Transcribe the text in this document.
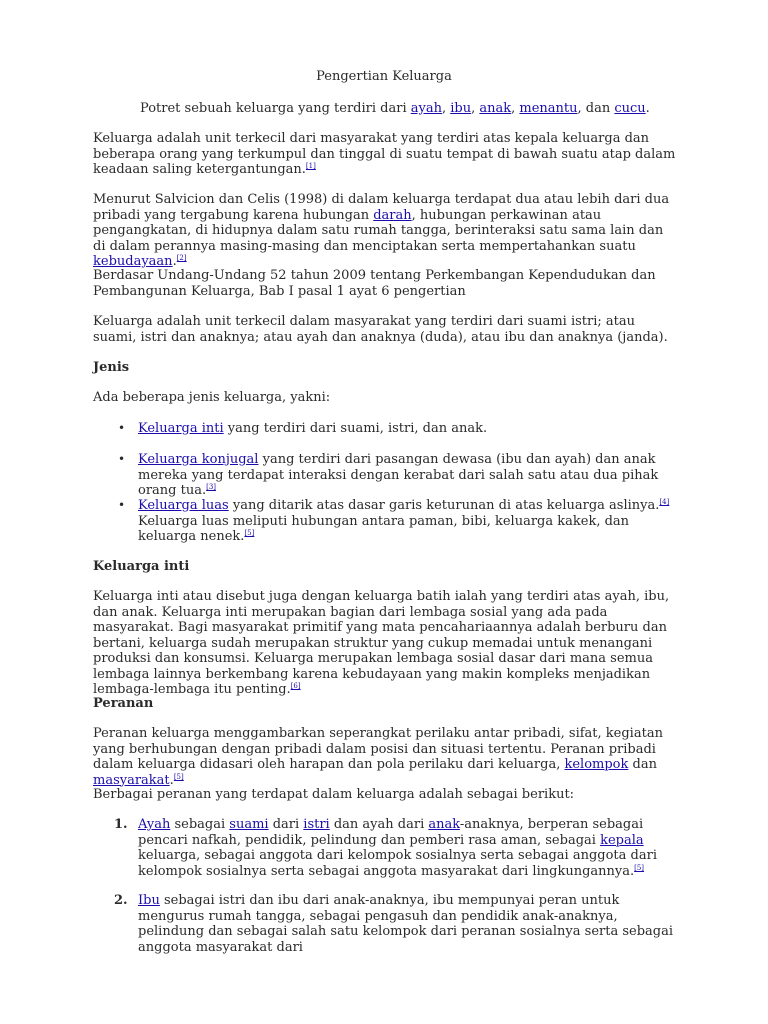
Pengertian Keluarga

Potret sebuah keluarga yang terdiri dari ayah, ibu, anak, menantu, dan cucu.

Keluarga adalah unit terkecil dari masyarakat yang terdiri atas kepala keluarga dan beberapa orang yang terkumpul dan tinggal di suatu tempat di bawah suatu atap dalam keadaan saling ketergantungan.[1]

Menurut Salvicion dan Celis (1998) di dalam keluarga terdapat dua atau lebih dari dua pribadi yang tergabung karena hubungan darah, hubungan perkawinan atau pengangkatan, di hidupnya dalam satu rumah tangga, berinteraksi satu sama lain dan di dalam perannya masing-masing dan menciptakan serta mempertahankan suatu kebudayaan.[2]

Berdasar Undang-Undang 52 tahun 2009 tentang Perkembangan Kependudukan dan Pembangunan Keluarga, Bab I pasal 1 ayat 6 pengertian

Keluarga adalah unit terkecil dalam masyarakat yang terdiri dari suami istri; atau suami, istri dan anaknya; atau ayah dan anaknya (duda), atau ibu dan anaknya (janda).

Jenis

Ada beberapa jenis keluarga, yakni:

• Keluarga inti yang terdiri dari suami, istri, dan anak.

• Keluarga konjugal yang terdiri dari pasangan dewasa (ibu dan ayah) dan anak mereka yang terdapat interaksi dengan kerabat dari salah satu atau dua pihak orang tua.[3]

• Keluarga luas yang ditarik atas dasar garis keturunan di atas keluarga aslinya.[4] Keluarga luas meliputi hubungan antara paman, bibi, keluarga kakek, dan keluarga nenek.[5]

Keluarga inti

Keluarga inti atau disebut juga dengan keluarga batih ialah yang terdiri atas ayah, ibu, dan anak. Keluarga inti merupakan bagian dari lembaga sosial yang ada pada masyarakat. Bagi masyarakat primitif yang mata pencahariaannya adalah berburu dan bertani, keluarga sudah merupakan struktur yang cukup memadai untuk menangani produksi dan konsumsi. Keluarga merupakan lembaga sosial dasar dari mana semua lembaga lainnya berkembang karena kebudayaan yang makin kompleks menjadikan lembaga-lembaga itu penting.[6]

Peranan

Peranan keluarga menggambarkan seperangkat perilaku antar pribadi, sifat, kegiatan yang berhubungan dengan pribadi dalam posisi dan situasi tertentu. Peranan pribadi dalam keluarga didasari oleh harapan dan pola perilaku dari keluarga, kelompok dan masyarakat.[5]

Berbagai peranan yang terdapat dalam keluarga adalah sebagai berikut:

1. Ayah sebagai suami dari istri dan ayah dari anak-anaknya, berperan sebagai pencari nafkah, pendidik, pelindung dan pemberi rasa aman, sebagai kepala keluarga, sebagai anggota dari kelompok sosialnya serta sebagai anggota dari kelompok sosialnya serta sebagai anggota masyarakat dari lingkungannya.[5]

2. Ibu sebagai istri dan ibu dari anak-anaknya, ibu mempunyai peran untuk mengurus rumah tangga, sebagai pengasuh dan pendidik anak-anaknya, pelindung dan sebagai salah satu kelompok dari peranan sosialnya serta sebagai anggota masyarakat dari
